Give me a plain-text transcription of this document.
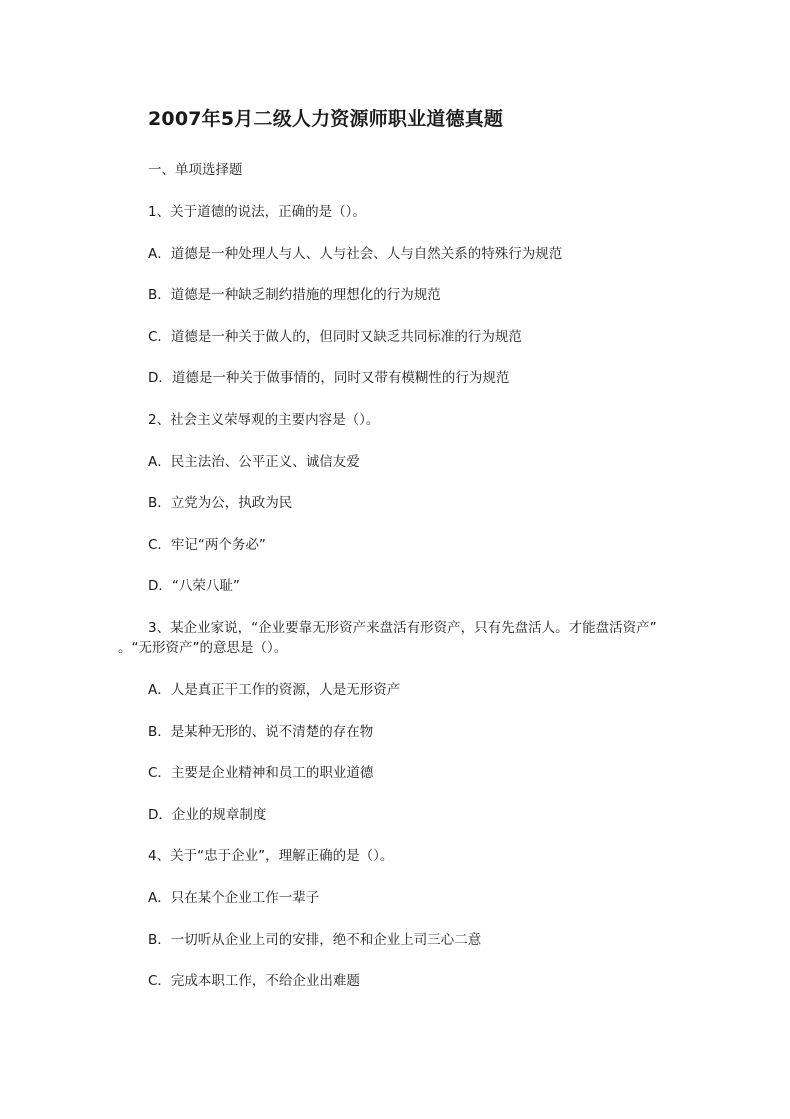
2007年5月二级人力资源师职业道德真题
一、单项选择题
1、关于道德的说法，正确的是（）。
A．道德是一种处理人与人、人与社会、人与自然关系的特殊行为规范
B．道德是一种缺乏制约措施的理想化的行为规范
C．道德是一种关于做人的，但同时又缺乏共同标准的行为规范
D．道德是一种关于做事情的，同时又带有模糊性的行为规范
2、社会主义荣辱观的主要内容是（）。
A．民主法治、公平正义、诚信友爱
B．立党为公，执政为民
C．牢记“两个务必”
D．“八荣八耻”
3、某企业家说，“企业要靠无形资产来盘活有形资产，只有先盘活人。才能盘活资产”
。“无形资产”的意思是（）。
A．人是真正干工作的资源，人是无形资产
B．是某种无形的、说不清楚的存在物
C．主要是企业精神和员工的职业道德
D．企业的规章制度
4、关于“忠于企业”，理解正确的是（）。
A．只在某个企业工作一辈子
B．一切听从企业上司的安排，绝不和企业上司三心二意
C．完成本职工作，不给企业出难题
